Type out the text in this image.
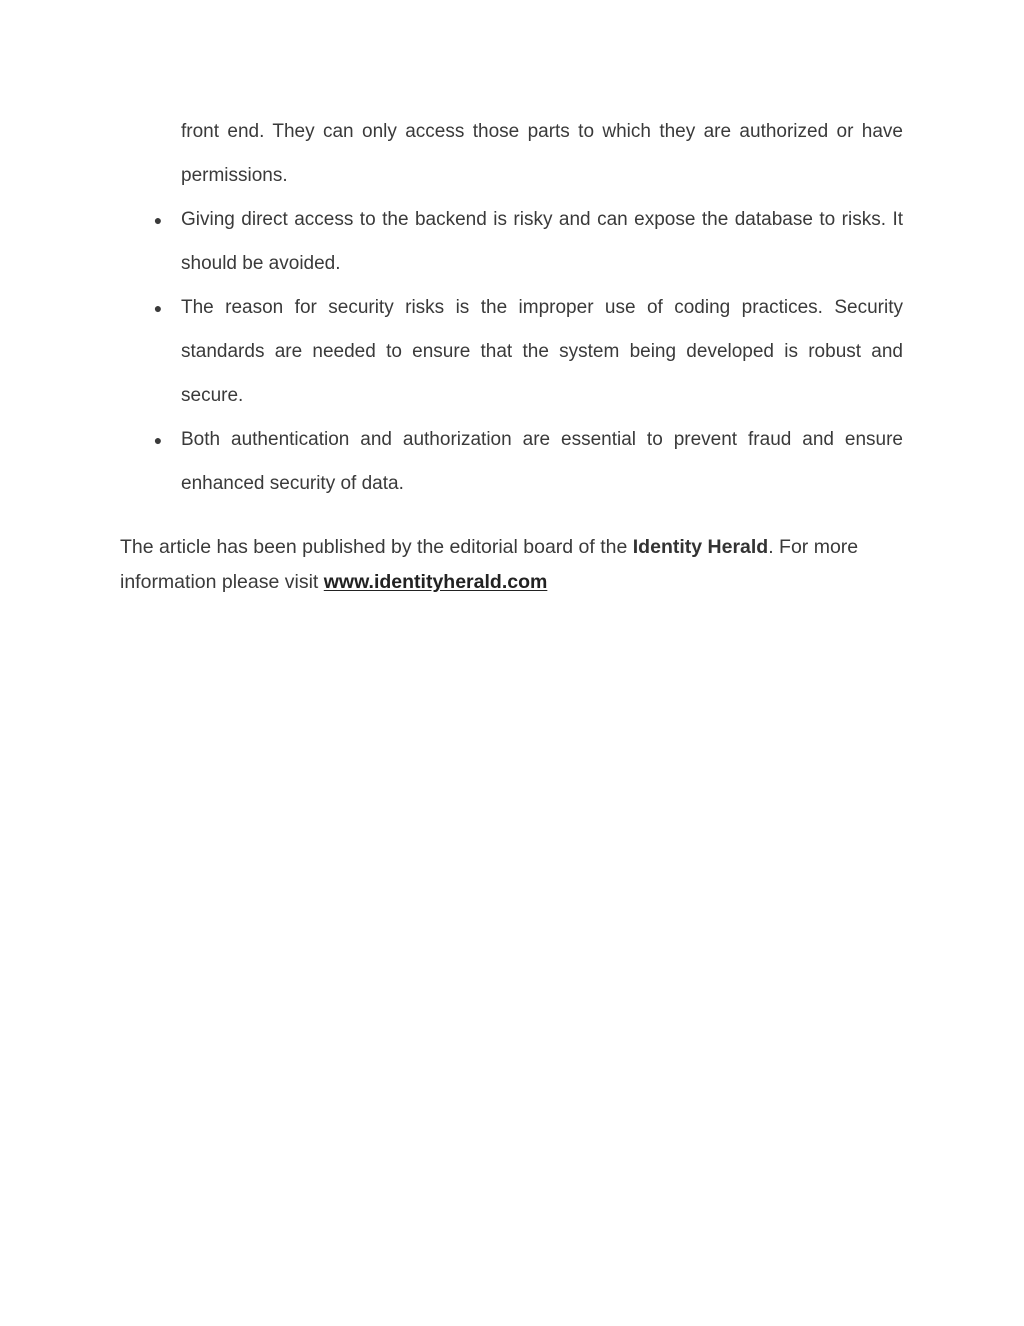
front end. They can only access those parts to which they are authorized or have permissions.
● Giving direct access to the backend is risky and can expose the database to risks. It should be avoided.
● The reason for security risks is the improper use of coding practices. Security standards are needed to ensure that the system being developed is robust and secure.
● Both authentication and authorization are essential to prevent fraud and ensure enhanced security of data.

The article has been published by the editorial board of the Identity Herald. For more information please visit www.identityherald.com
